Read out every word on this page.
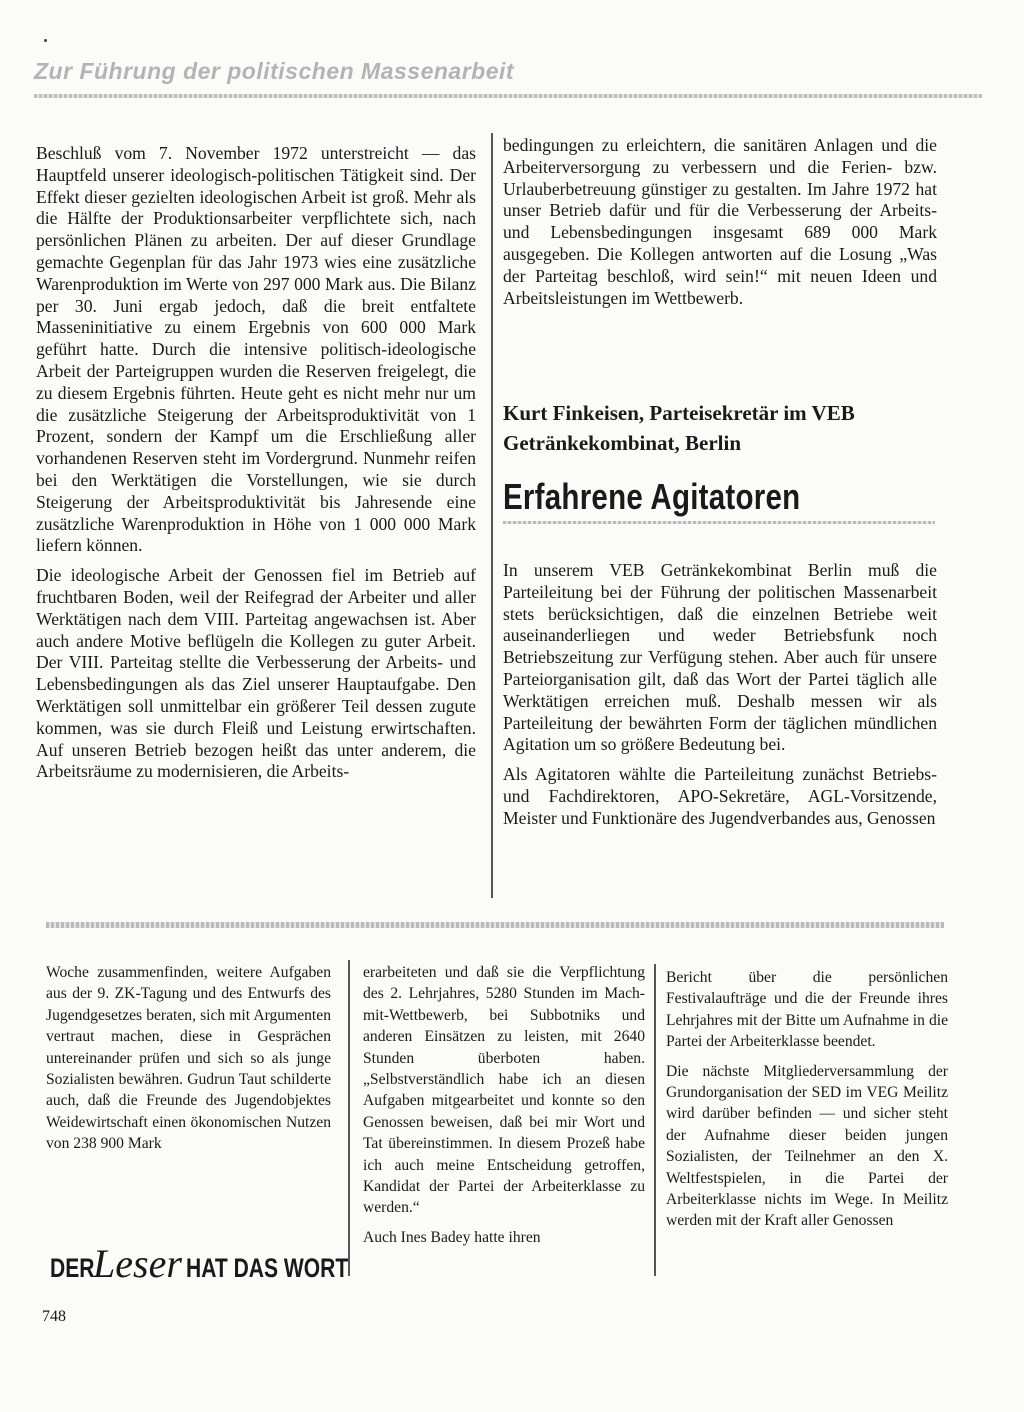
Zur Führung der politischen Massenarbeit

Beschluß vom 7. November 1972 unterstreicht — das Hauptfeld unserer ideologisch-politischen Tätigkeit sind. Der Effekt dieser gezielten ideologischen Arbeit ist groß. Mehr als die Hälfte der Produktionsarbeiter verpflichtete sich, nach persönlichen Plänen zu arbeiten. Der auf dieser Grundlage gemachte Gegenplan für das Jahr 1973 wies eine zusätzliche Warenproduktion im Werte von 297 000 Mark aus. Die Bilanz per 30. Juni ergab jedoch, daß die breit entfaltete Masseninitiative zu einem Ergebnis von 600 000 Mark geführt hatte. Durch die intensive politisch-ideologische Arbeit der Parteigruppen wurden die Reserven freigelegt, die zu diesem Ergebnis führten. Heute geht es nicht mehr nur um die zusätzliche Steigerung der Arbeitsproduktivität von 1 Prozent, sondern der Kampf um die Erschließung aller vorhandenen Reserven steht im Vordergrund. Nunmehr reifen bei den Werktätigen die Vorstellungen, wie sie durch Steigerung der Arbeitsproduktivität bis Jahresende eine zusätzliche Warenproduktion in Höhe von 1 000 000 Mark liefern können.

Die ideologische Arbeit der Genossen fiel im Betrieb auf fruchtbaren Boden, weil der Reifegrad der Arbeiter und aller Werktätigen nach dem VIII. Parteitag angewachsen ist. Aber auch andere Motive beflügeln die Kollegen zu guter Arbeit. Der VIII. Parteitag stellte die Verbesserung der Arbeits- und Lebensbedingungen als das Ziel unserer Hauptaufgabe. Den Werktätigen soll unmittelbar ein größerer Teil dessen zugute kommen, was sie durch Fleiß und Leistung erwirtschaften. Auf unseren Betrieb bezogen heißt das unter anderem, die Arbeitsräume zu modernisieren, die Arbeits-

bedingungen zu erleichtern, die sanitären Anlagen und die Arbeiterversorgung zu verbessern und die Ferien- bzw. Urlauberbetreuung günstiger zu gestalten. Im Jahre 1972 hat unser Betrieb dafür und für die Verbesserung der Arbeits- und Lebensbedingungen insgesamt 689 000 Mark ausgegeben. Die Kollegen antworten auf die Losung „Was der Parteitag beschloß, wird sein!“ mit neuen Ideen und Arbeitsleistungen im Wettbewerb.

Kurt Finkeisen, Parteisekretär im VEB Getränkekombinat, Berlin
Erfahrene Agitatoren

In unserem VEB Getränkekombinat Berlin muß die Parteileitung bei der Führung der politischen Massenarbeit stets berücksichtigen, daß die einzelnen Betriebe weit auseinanderliegen und weder Betriebsfunk noch Betriebszeitung zur Verfügung stehen. Aber auch für unsere Parteiorganisation gilt, daß das Wort der Partei täglich alle Werktätigen erreichen muß. Deshalb messen wir als Parteileitung der bewährten Form der täglichen mündlichen Agitation um so größere Bedeutung bei.

Als Agitatoren wählte die Parteileitung zunächst Betriebs- und Fachdirektoren, APO-Sekretäre, AGL-Vorsitzende, Meister und Funktionäre des Jugendverbandes aus, Genossen

Woche zusammenfinden, weitere Aufgaben aus der 9. ZK-Tagung und des Entwurfs des Jugendgesetzes beraten, sich mit Argumenten vertraut machen, diese in Gesprächen untereinander prüfen und sich so als junge Sozialisten bewähren. Gudrun Taut schilderte auch, daß die Freunde des Jugendobjektes Weidewirtschaft einen ökonomischen Nutzen von 238 900 Mark

erarbeiteten und daß sie die Verpflichtung des 2. Lehrjahres, 5280 Stunden im Mach-mit-Wettbewerb, bei Subbotniks und anderen Einsätzen zu leisten, mit 2640 Stunden überboten haben. „Selbstverständlich habe ich an diesen Aufgaben mitgearbeitet und konnte so den Genossen beweisen, daß bei mir Wort und Tat übereinstimmen. In diesem Prozeß habe ich auch meine Entscheidung getroffen, Kandidat der Partei der Arbeiterklasse zu werden.“

Auch Ines Badey hatte ihren

Bericht über die persönlichen Festivalaufträge und die der Freunde ihres Lehrjahres mit der Bitte um Aufnahme in die Partei der Arbeiterklasse beendet.

Die nächste Mitgliederversammlung der Grundorganisation der SED im VEG Meilitz wird darüber befinden — und sicher steht der Aufnahme dieser beiden jungen Sozialisten, der Teilnehmer an den X. Weltfestspielen, in die Partei der Arbeiterklasse nichts im Wege. In Meilitz werden mit der Kraft aller Genossen

DER
Leser HAT DAS WORT
748
